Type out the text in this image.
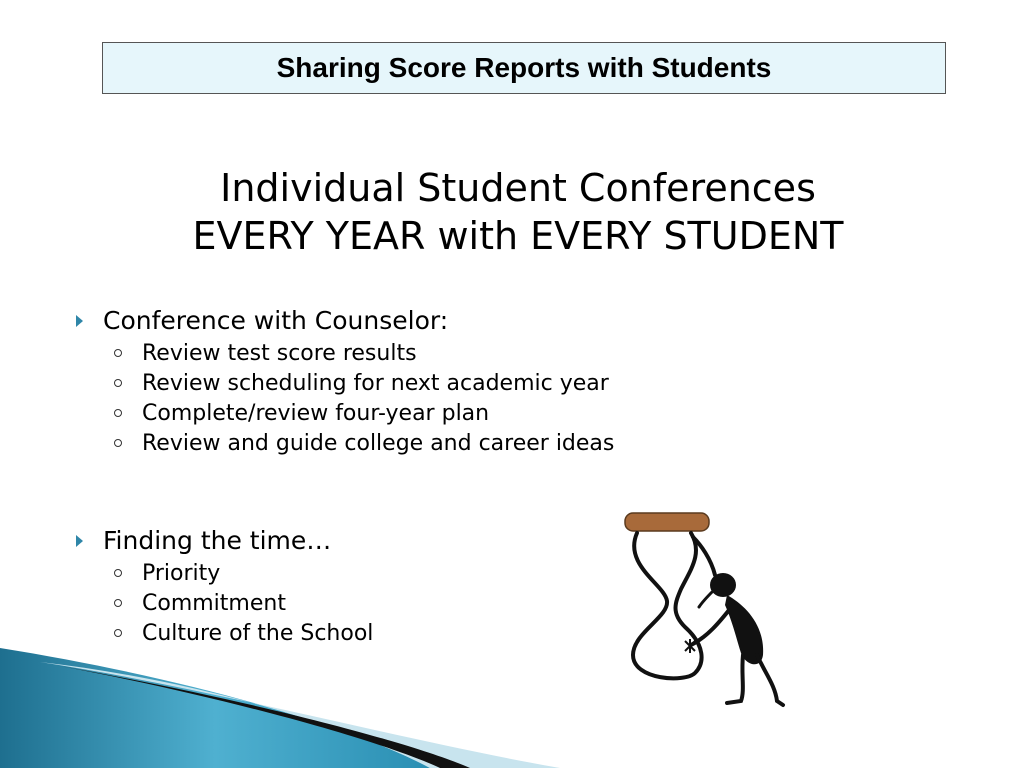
Sharing Score Reports with Students
Individual Student Conferences
EVERY YEAR with EVERY STUDENT
Conference with Counselor:
Review test score results
Review scheduling for next academic year
Complete/review four-year plan
Review and guide college and career ideas
Finding the time…
Priority
Commitment
Culture of the School
